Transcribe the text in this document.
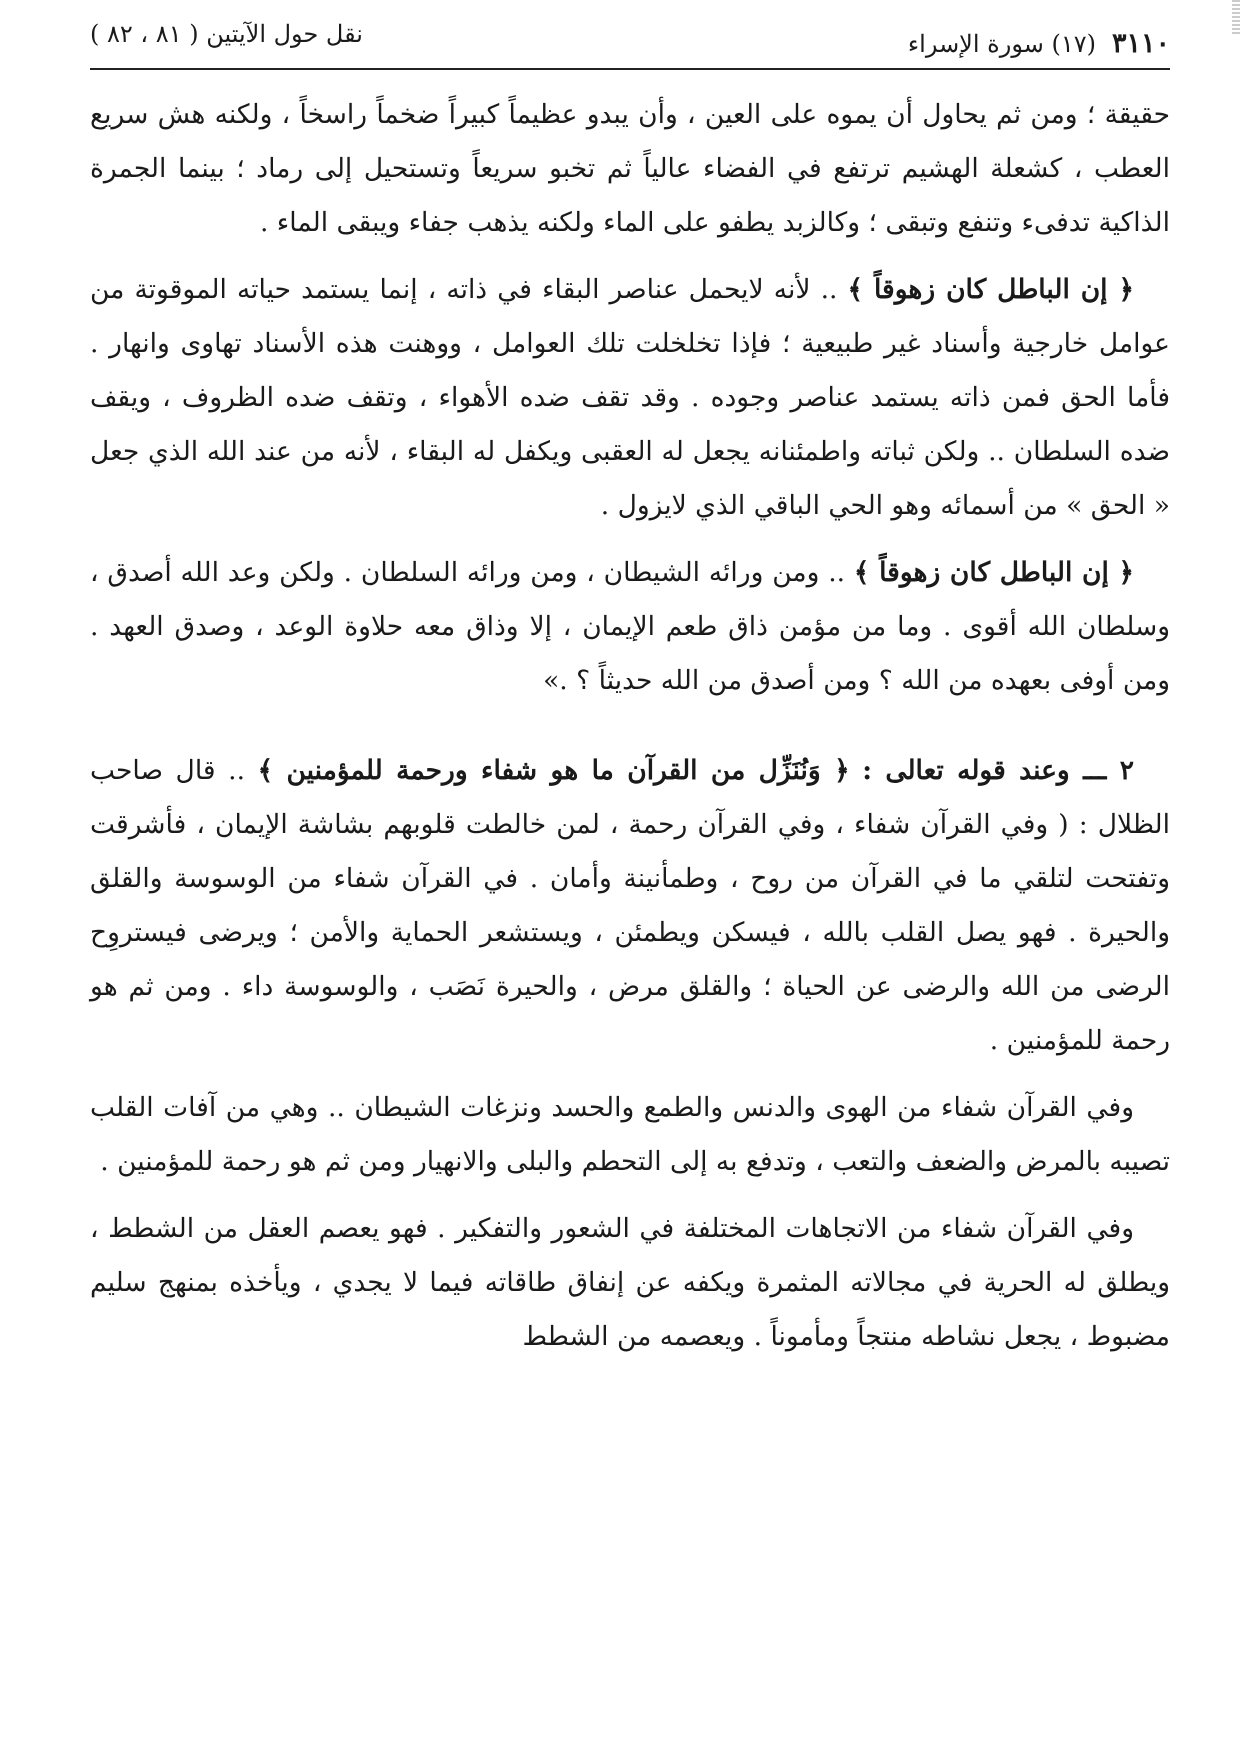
٣١١٠
(١٧) سورة الإسراء
نقل حول الآيتين ( ٨١ ، ٨٢ )

حقيقة ؛ ومن ثم يحاول أن يموه على العين ، وأن يبدو عظيماً كبيراً ضخماً راسخاً ، ولكنه هش سريع العطب ، كشعلة الهشيم ترتفع في الفضاء عالياً ثم تخبو سريعاً وتستحيل إلى رماد ؛ بينما الجمرة الذاكية تدفىء وتنفع وتبقى ؛ وكالزبد يطفو على الماء ولكنه يذهب جفاء ويبقى الماء .

﴿ إن الباطل كان زهوقاً ﴾ .. لأنه لايحمل عناصر البقاء في ذاته ، إنما يستمد حياته الموقوتة من عوامل خارجية وأسناد غير طبيعية ؛ فإذا تخلخلت تلك العوامل ، ووهنت هذه الأسناد تهاوى وانهار . فأما الحق فمن ذاته يستمد عناصر وجوده . وقد تقف ضده الأهواء ، وتقف ضده الظروف ، ويقف ضده السلطان .. ولكن ثباته واطمئنانه يجعل له العقبى ويكفل له البقاء ، لأنه من عند الله الذي جعل « الحق » من أسمائه وهو الحي الباقي الذي لايزول .

﴿ إن الباطل كان زهوقاً ﴾ .. ومن ورائه الشيطان ، ومن ورائه السلطان . ولكن وعد الله أصدق ، وسلطان الله أقوى . وما من مؤمن ذاق طعم الإيمان ، إلا وذاق معه حلاوة الوعد ، وصدق العهد . ومن أوفى بعهده من الله ؟ ومن أصدق من الله حديثاً ؟ .»

٢ ـــ وعند قوله تعالى : ﴿ وَنُنَزِّل من القرآن ما هو شفاء ورحمة للمؤمنين ﴾ .. قال صاحب الظلال : ( وفي القرآن شفاء ، وفي القرآن رحمة ، لمن خالطت قلوبهم بشاشة الإيمان ، فأشرقت وتفتحت لتلقي ما في القرآن من روح ، وطمأنينة وأمان . في القرآن شفاء من الوسوسة والقلق والحيرة . فهو يصل القلب بالله ، فيسكن ويطمئن ، ويستشعر الحماية والأمن ؛ ويرضى فيستروِح الرضى من الله والرضى عن الحياة ؛ والقلق مرض ، والحيرة نَصَب ، والوسوسة داء . ومن ثم هو رحمة للمؤمنين .

وفي القرآن شفاء من الهوى والدنس والطمع والحسد ونزغات الشيطان .. وهي من آفات القلب تصيبه بالمرض والضعف والتعب ، وتدفع به إلى التحطم والبلى والانهيار ومن ثم هو رحمة للمؤمنين .

وفي القرآن شفاء من الاتجاهات المختلفة في الشعور والتفكير . فهو يعصم العقل من الشطط ، ويطلق له الحرية في مجالاته المثمرة ويكفه عن إنفاق طاقاته فيما لا يجدي ، ويأخذه بمنهج سليم مضبوط ، يجعل نشاطه منتجاً ومأموناً . ويعصمه من الشطط
